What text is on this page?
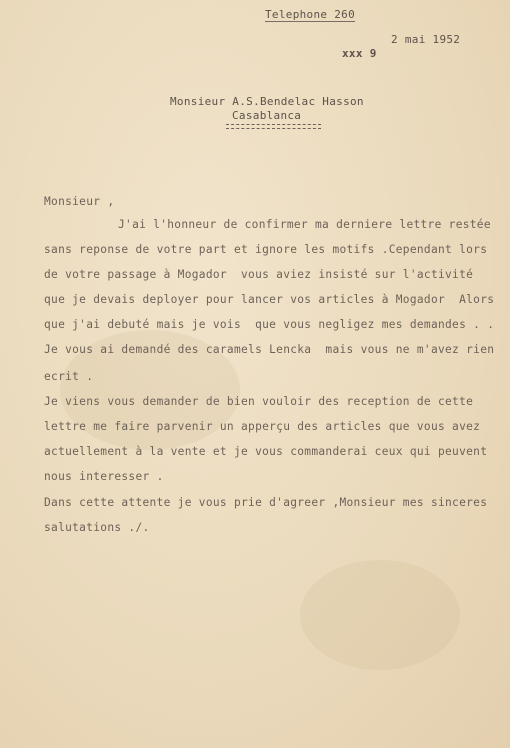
Telephone 260
2 mai 1952
xxx 9
Monsieur A.S.Bendelac Hasson
Casablanca
Monsieur ,
J'ai l'honneur de confirmer ma derniere lettre restée
sans reponse de votre part et ignore les motifs .Cependant lors
de votre passage à Mogador  vous aviez insisté sur l'activité
que je devais deployer pour lancer vos articles à Mogador  Alors
que j'ai debuté mais je vois  que vous negligez mes demandes . .
Je vous ai demandé des caramels Lencka  mais vous ne m'avez rien
ecrit .
Je viens vous demander de bien vouloir des reception de cette
lettre me faire parvenir un apperçu des articles que vous avez
actuellement à la vente et je vous commanderai ceux qui peuvent
nous interesser .
Dans cette attente je vous prie d'agreer ,Monsieur mes sinceres
salutations ./.
